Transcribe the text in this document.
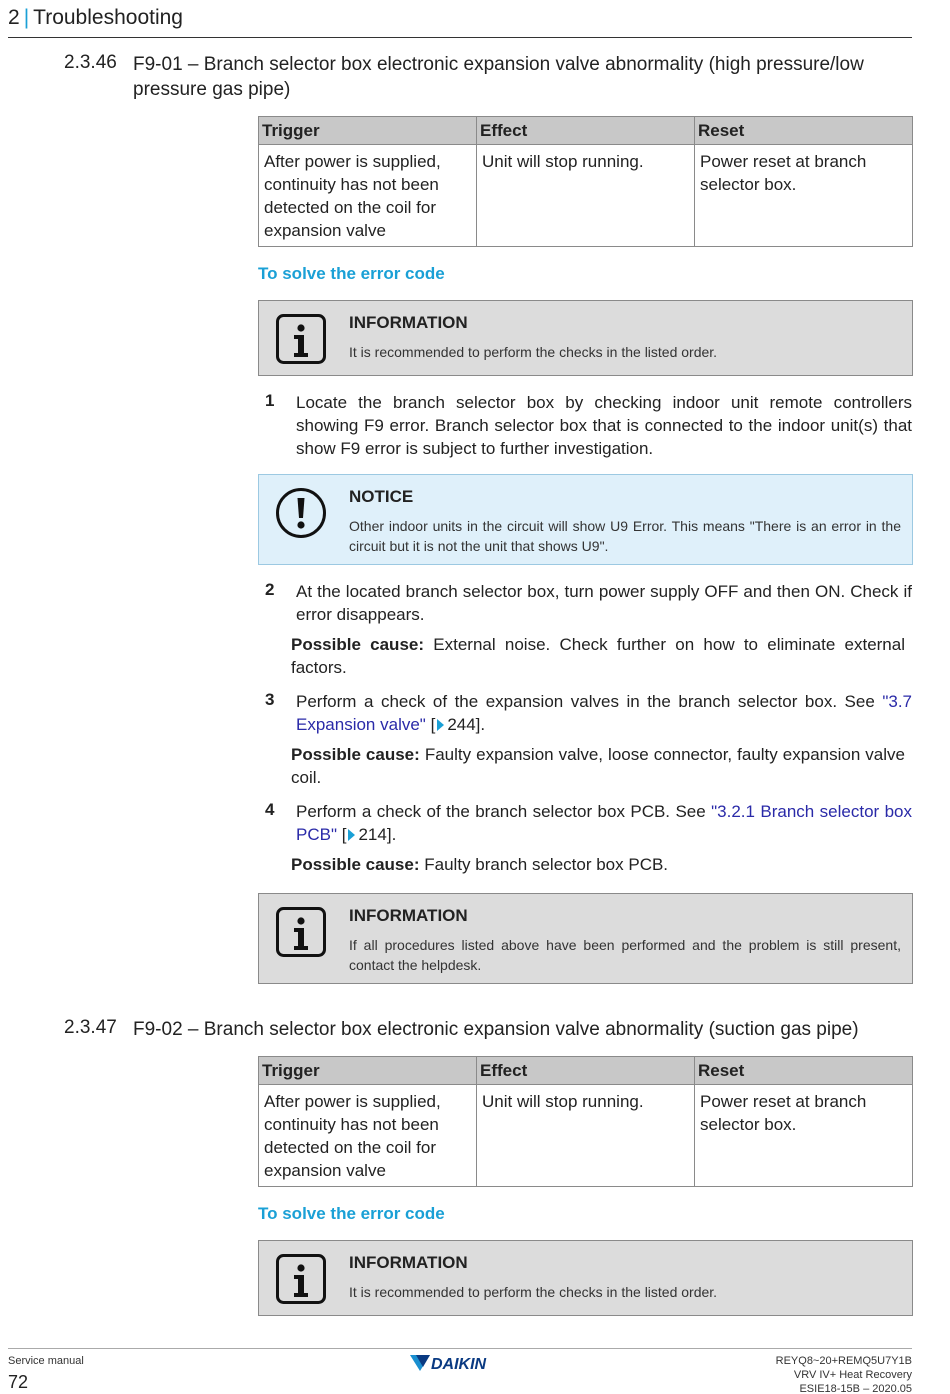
2 | Troubleshooting
2.3.46 F9-01 – Branch selector box electronic expansion valve abnormality (high pressure/low pressure gas pipe)
Trigger	Effect	Reset
After power is supplied, continuity has not been detected on the coil for expansion valve	Unit will stop running.	Power reset at branch selector box.
To solve the error code
INFORMATION
It is recommended to perform the checks in the listed order.
1 Locate the branch selector box by checking indoor unit remote controllers showing F9 error. Branch selector box that is connected to the indoor unit(s) that show F9 error is subject to further investigation.
NOTICE
Other indoor units in the circuit will show U9 Error. This means "There is an error in the circuit but it is not the unit that shows U9".
2 At the located branch selector box, turn power supply OFF and then ON. Check if error disappears.
Possible cause: External noise. Check further on how to eliminate external factors.
3 Perform a check of the expansion valves in the branch selector box. See "3.7 Expansion valve" [ 244].
Possible cause: Faulty expansion valve, loose connector, faulty expansion valve coil.
4 Perform a check of the branch selector box PCB. See "3.2.1 Branch selector box PCB" [ 214].
Possible cause: Faulty branch selector box PCB.
INFORMATION
If all procedures listed above have been performed and the problem is still present, contact the helpdesk.
2.3.47 F9-02 – Branch selector box electronic expansion valve abnormality (suction gas pipe)
Trigger	Effect	Reset
After power is supplied, continuity has not been detected on the coil for expansion valve	Unit will stop running.	Power reset at branch selector box.
To solve the error code
INFORMATION
It is recommended to perform the checks in the listed order.
Service manual
72
DAIKIN	REYQ8~20+REMQ5U7Y1B
VRV IV+ Heat Recovery
ESIE18-15B – 2020.05
